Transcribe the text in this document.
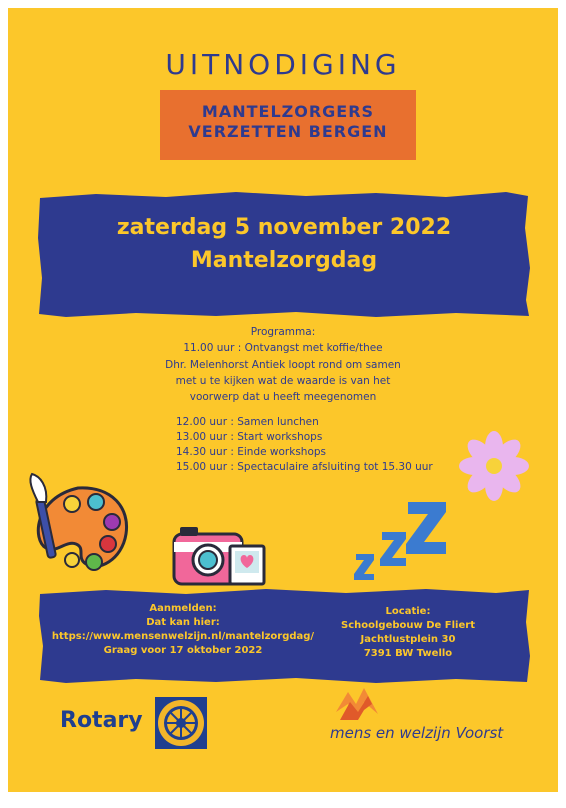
UITNODIGING
MANTELZORGERS
VERZETTEN BERGEN
zaterdag 5 november 2022
Mantelzorgdag
Programma:
11.00 uur : Ontvangst met koffie/thee
Dhr. Melenhorst Antiek loopt rond om samen
met u te kijken wat de waarde is van het
voorwerp dat u heeft meegenomen
12.00 uur : Samen lunchen
13.00 uur : Start workshops
14.30 uur : Einde workshops
15.00 uur : Spectaculaire afsluiting tot 15.30 uur
Aanmelden:
Dat kan hier:
https://www.mensenwelzijn.nl/mantelzorgdag/
Graag voor 17 oktober 2022
Locatie:
Schoolgebouw De Fliert
Jachtlustplein 30
7391 BW Twello
Rotary	mens en welzijn Voorst
